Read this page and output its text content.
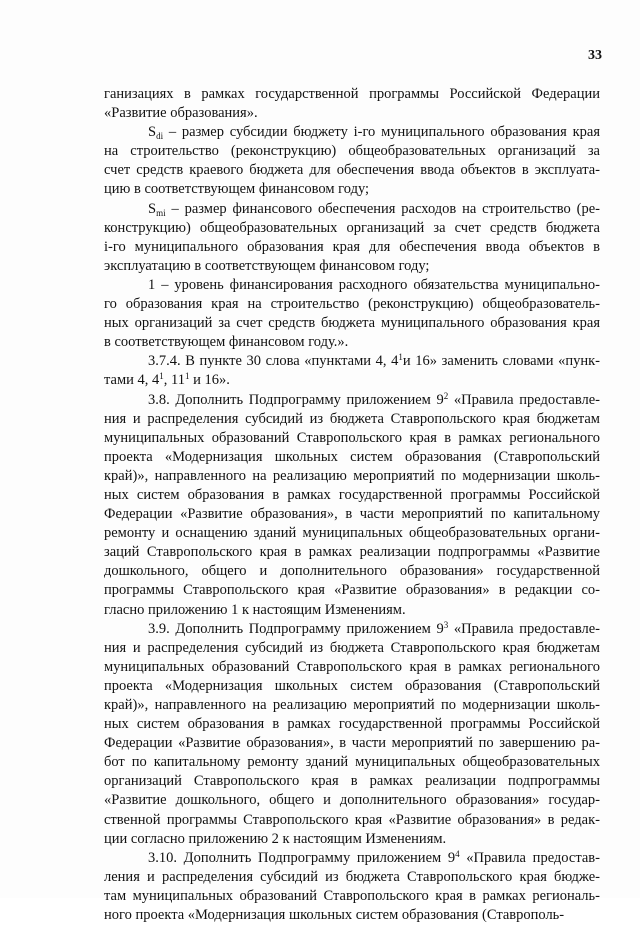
33
ганизациях в рамках государственной программы Российской Федерации
«Развитие образования».
$S_{di}$ – размер субсидии бюджету i-го муниципального образования края
на строительство (реконструкцию) общеобразовательных организаций за
счет средств краевого бюджета для обеспечения ввода объектов в эксплуата-
цию в соответствующем финансовом году;
$S_{mi}$ – размер финансового обеспечения расходов на строительство (ре-
конструкцию) общеобразовательных организаций за счет средств бюджета
i-го муниципального образования края для обеспечения ввода объектов в
эксплуатацию в соответствующем финансовом году;
1 – уровень финансирования расходного обязательства муниципально-
го образования края на строительство (реконструкцию) общеобразователь-
ных организаций за счет средств бюджета муниципального образования края
в соответствующем финансовом году.».
3.7.4. В пункте 30 слова «пунктами 4, $4^1и$ 16» заменить словами «пунк-
тами 4, $4^1$, $11^1$ и 16».
3.8. Дополнить Подпрограмму приложением $9^2$ «Правила предоставле-
ния и распределения субсидий из бюджета Ставропольского края бюджетам
муниципальных образований Ставропольского края в рамках регионального
проекта «Модернизация школьных систем образования (Ставропольский
край)», направленного на реализацию мероприятий по модернизации школь-
ных систем образования в рамках государственной программы Российской
Федерации «Развитие образования», в части мероприятий по капитальному
ремонту и оснащению зданий муниципальных общеобразовательных органи-
заций Ставропольского края в рамках реализации подпрограммы «Развитие
дошкольного, общего и дополнительного образования» государственной
программы Ставропольского края «Развитие образования» в редакции со-
гласно приложению 1 к настоящим Изменениям.
3.9. Дополнить Подпрограмму приложением $9^3$ «Правила предоставле-
ния и распределения субсидий из бюджета Ставропольского края бюджетам
муниципальных образований Ставропольского края в рамках регионального
проекта «Модернизация школьных систем образования (Ставропольский
край)», направленного на реализацию мероприятий по модернизации школь-
ных систем образования в рамках государственной программы Российской
Федерации «Развитие образования», в части мероприятий по завершению ра-
бот по капитальному ремонту зданий муниципальных общеобразовательных
организаций Ставропольского края в рамках реализации подпрограммы
«Развитие дошкольного, общего и дополнительного образования» государ-
ственной программы Ставропольского края «Развитие образования» в редак-
ции согласно приложению 2 к настоящим Изменениям.
3.10. Дополнить Подпрограмму приложением $9^4$ «Правила предостав-
ления и распределения субсидий из бюджета Ставропольского края бюдже-
там муниципальных образований Ставропольского края в рамках региональ-
ного проекта «Модернизация школьных систем образования (Ставрополь-
